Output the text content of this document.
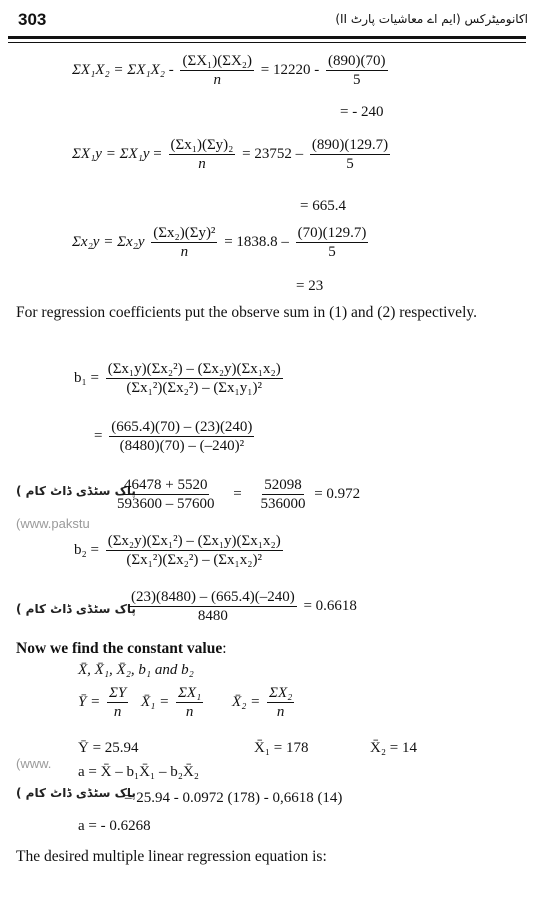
303	اکانومیٹرکس (ایم اے معاشیات پارٹ II)
$\Sigma X_1X_2 = \Sigma X_1X_2 - \frac{\text{(ΣX₁)(ΣX₂)}}{n} = 12220 - \frac{(890)(70)}{5}$
= - 240
$\Sigma X_1y = \Sigma X_1y = \frac{\text{(Σx₁)(Σy)₂}}{n} = 23752 - \frac{(890)(129.7)}{5}$
= 665.4
$\Sigma x_2y = \Sigma x_2y \frac{\text{(Σx₂)(Σy)²}}{n} = 1838.8 - \frac{(70)(129.7)}{5}$
= 23
For regression coefficients put the observe sum in (1) and (2) respectively.
$b_1 = \frac{\text{(Σx₁y)(Σx₂²) – (Σx₂y)(Σx₁x₂)}}{\text{(Σx₁²)(Σx₂²) – (Σx₁y₁)²}}$
= $\frac{(665.4)(70) - (23)(240)}{\text{(8480)(70) – (–240)²}}$
( پاک سٹڈی ڈاٹ کام
(www.pakstu
$\frac{46478 + 5520}{593600 - 57600} = \frac{52098}{536000} = 0.972$
$b_2 = \frac{\text{(Σx₂y)(Σx₁²) – (Σx₁y)(Σx₁x₂)}}{\text{(Σx₁²)(Σx₂²) – (Σx₁x₂)²}}$
( پاک سٹڈی ڈاٹ کام
$\frac{(23)(8480) - (665.4)(-240)}{8480} = 0.6618$
Now we find the constant value:
X̄, X̄₁, X̄₂, b₁ and b₂
Ȳ = $\frac{\Sigma Y}{n}$ X̄₁ = $\frac{\text{ΣX₁}}{n}$ X̄₂ = $\frac{\text{ΣX₂}}{n}$
Ȳ = 25.94	X̄₁ = 178	X̄₂ = 14
(www.
a = X̄ – b₁X̄₁ – b₂X̄₂
( پاک سٹڈی ڈاٹ کام
= 25.94 - 0.0972 (178) - 0,6618 (14)
a = - 0.6268
The desired multiple linear regression equation is:
